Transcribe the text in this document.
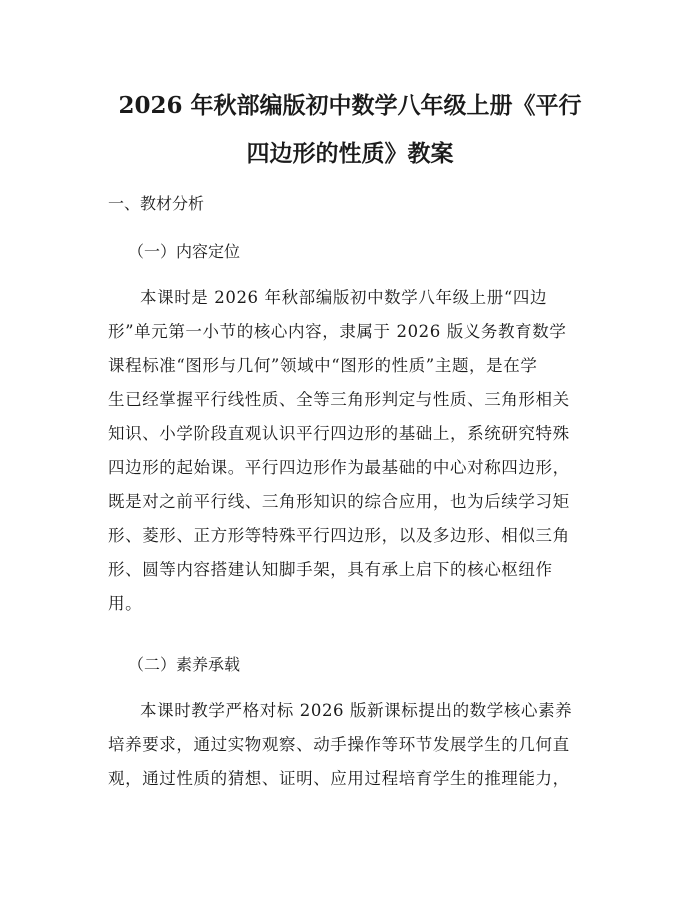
2026 年秋部编版初中数学八年级上册《平行
四边形的性质》教案
一、教材分析
（一）内容定位
本课时是 2026 年秋部编版初中数学八年级上册“四边
形”单元第一小节的核心内容，隶属于 2026 版义务教育数学
课程标准“图形与几何”领域中“图形的性质”主题，是在学
生已经掌握平行线性质、全等三角形判定与性质、三角形相关
知识、小学阶段直观认识平行四边形的基础上，系统研究特殊
四边形的起始课。平行四边形作为最基础的中心对称四边形，
既是对之前平行线、三角形知识的综合应用，也为后续学习矩
形、菱形、正方形等特殊平行四边形，以及多边形、相似三角
形、圆等内容搭建认知脚手架，具有承上启下的核心枢纽作
用。
（二）素养承载
本课时教学严格对标 2026 版新课标提出的数学核心素养
培养要求，通过实物观察、动手操作等环节发展学生的几何直
观，通过性质的猜想、证明、应用过程培育学生的推理能力，
